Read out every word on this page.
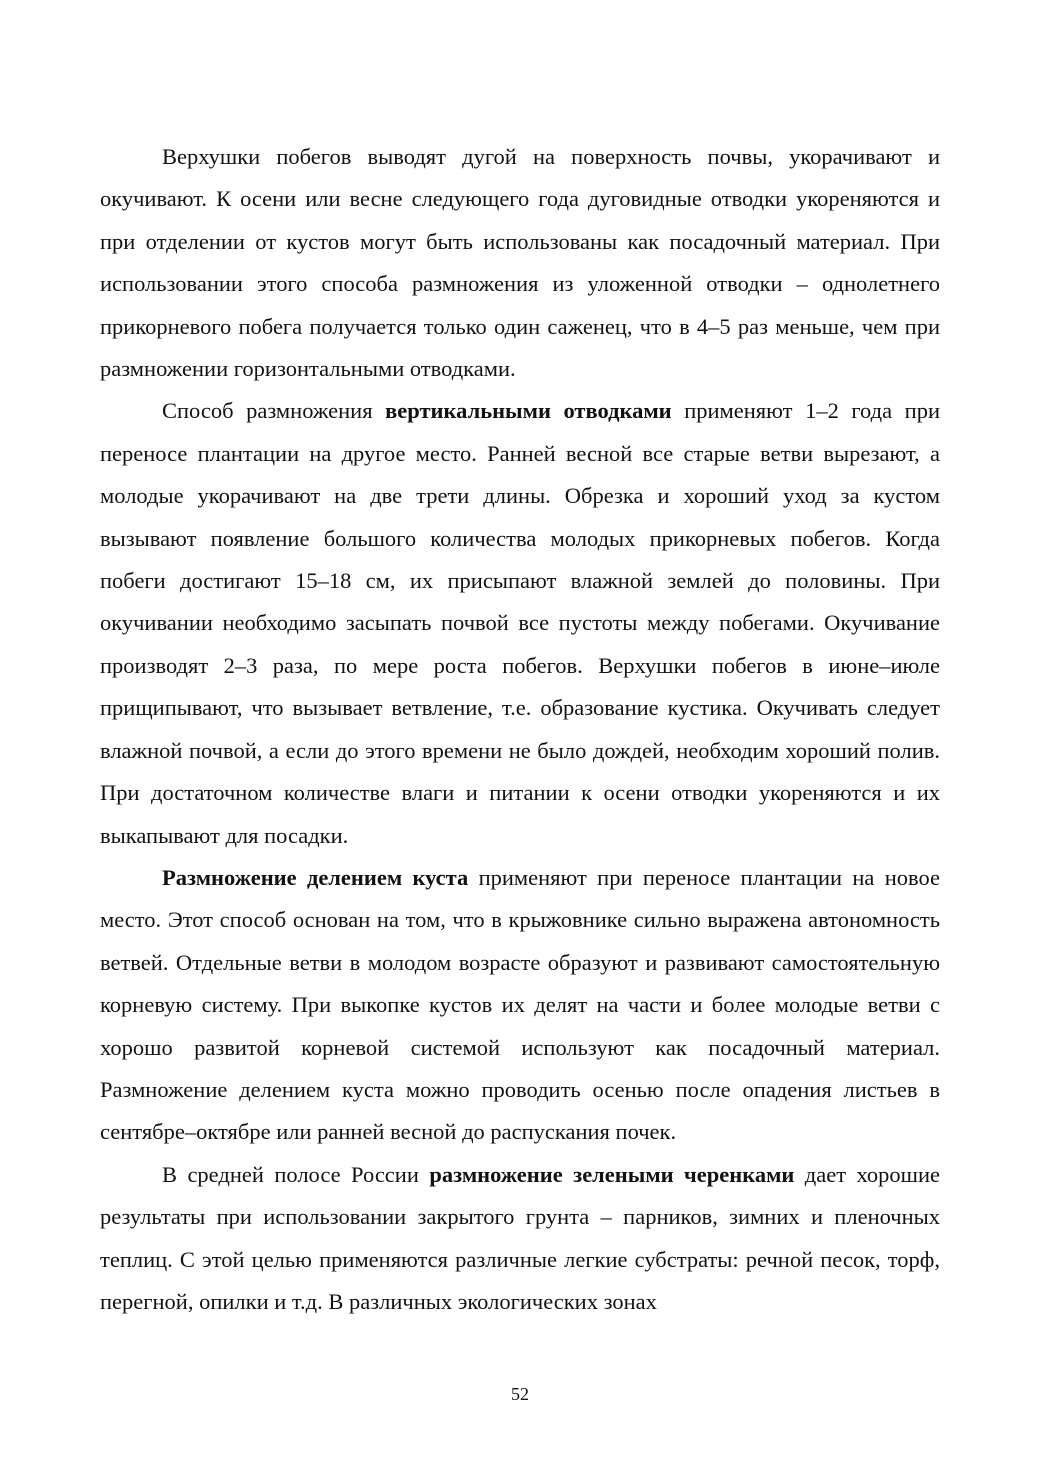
Верхушки побегов выводят дугой на поверхность почвы, укорачивают и окучивают. К осени или весне следующего года дуговидные отводки укореняются и при отделении от кустов могут быть использованы как посадочный материал. При использовании этого способа размножения из уложенной отводки – однолетнего прикорневого побега получается только один саженец, что в 4–5 раз меньше, чем при размножении горизонтальными отводками.

Способ размножения вертикальными отводками применяют 1–2 года при переносе плантации на другое место. Ранней весной все старые ветви вырезают, а молодые укорачивают на две трети длины. Обрезка и хороший уход за кустом вызывают появление большого количества молодых прикорневых побегов. Когда побеги достигают 15–18 см, их присыпают влажной землей до половины. При окучивании необходимо засыпать почвой все пустоты между побегами. Окучивание производят 2–3 раза, по мере роста побегов. Верхушки побегов в июне–июле прищипывают, что вызывает ветвление, т.е. образование кустика. Окучивать следует влажной почвой, а если до этого времени не было дождей, необходим хороший полив. При достаточном количестве влаги и питании к осени отводки укореняются и их выкапывают для посадки.

Размножение делением куста применяют при переносе плантации на новое место. Этот способ основан на том, что в крыжовнике сильно выражена автономность ветвей. Отдельные ветви в молодом возрасте образуют и развивают самостоятельную корневую систему. При выкопке кустов их делят на части и более молодые ветви с хорошо развитой корневой системой используют как посадочный материал. Размножение делением куста можно проводить осенью после опадения листьев в сентябре–октябре или ранней весной до распускания почек.

В средней полосе России размножение зелеными черенками дает хорошие результаты при использовании закрытого грунта – парников, зимних и пленочных теплиц. С этой целью применяются различные легкие субстраты: речной песок, торф, перегной, опилки и т.д. В различных экологических зонах

52
